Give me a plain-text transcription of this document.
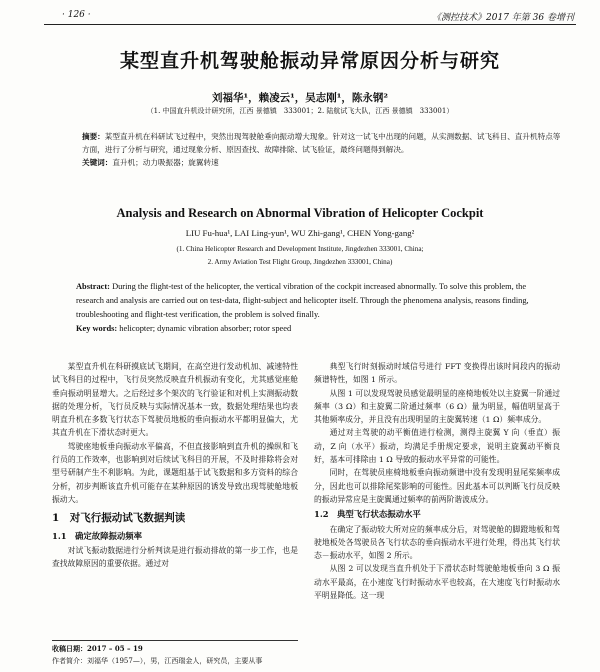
· 126 ·	《测控技术》2017 年第 36 卷增刊
某型直升机驾驶舱振动异常原因分析与研究
刘福华¹，赖凌云¹，吴志刚¹，陈永钢²
（1. 中国直升机设计研究所，江西 景德镇　333001；2. 陆航试飞大队，江西 景德镇　333001）
摘要：某型直升机在科研试飞过程中，突然出现驾驶舱垂向振动增大现象。针对这一试飞中出现的问题，从实测数据、试飞科目、直升机特点等方面，进行了分析与研究，通过现象分析、原因查找、故障排除、试飞验证，最终问题得到解决。
关键词：直升机；动力吸振器；旋翼转速
Analysis and Research on Abnormal Vibration of Helicopter Cockpit
LIU Fu-hua¹, LAI Ling-yun¹, WU Zhi-gang¹, CHEN Yong-gang²
(1. China Helicopter Research and Development Institute, Jingdezhen 333001, China;
2. Army Aviation Test Flight Group, Jingdezhen 333001, China)
Abstract: During the flight-test of the helicopter, the vertical vibration of the cockpit increased abnormally. To solve this problem, the research and analysis are carried out on test-data, flight-subject and helicopter itself. Through the phenomena analysis, reasons finding, troubleshooting and flight-test verification, the problem is solved finally.
Key words: helicopter; dynamic vibration absorber; rotor speed

某型直升机在科研摸底试飞期间，在高空进行发动机加、减速特性试飞科目的过程中，飞行员突然反映直升机振动有变化，尤其感觉座舱垂向振动明显增大。之后经过多个架次的飞行验证和对机上实测振动数据的处理分析，飞行员反映与实际情况基本一致，数据处理结果也均表明直升机在多数飞行状态下驾驶员地板的垂向振动水平都明显偏大，尤其直升机在下滑状态时更大。

驾驶座地板垂向振动水平偏高，不但直接影响到直升机的操纵和飞行员的工作效率，也影响到对后续试飞科目的开展，不及时排除将会对型号研制产生不利影响。为此，课题组基于试飞数据和多方资料的综合分析，初步判断该直升机可能存在某种原因的诱发导致出现驾驶舱地板振动大。

1　对飞行振动试飞数据判读
1.1　确定故障振动频率

对试飞振动数据进行分析判读是进行振动排故的第一步工作，也是查找故障原因的重要依据。通过对

收稿日期：2017 – 05 – 19
作者简介：刘福华（1957—），男，江西瑞金人，研究员，主要从事

典型飞行时刻振动时域信号进行 FFT 变换得出该时间段内的振动频谱特性，如图 1 所示。

从图 1 可以发现驾驶员感觉最明显的座椅地板处以主旋翼一阶通过频率（3 Ω）和主旋翼二阶通过频率（6 Ω）量为明显，幅值明显高于其他频率成分，并且没有出现明显的主旋翼转速（1 Ω）频率成分。

通过对主驾驶的动平衡值进行检测，测得主旋翼 Y 向（垂直）振动，Z 向（水平）振动，均满足手册规定要求，说明主旋翼动平衡良好，基本可排除由 1 Ω 导致的振动水平异常的可能性。

同时，在驾驶员座椅地板垂向振动频谱中没有发现明显尾桨频率成分，因此也可以排除尾桨影响的可能性。因此基本可以判断飞行员反映的振动异常应是主旋翼通过频率的前两阶谐波成分。

1.2　典型飞行状态振动水平

在确定了振动较大所对应的频率成分后，对驾驶舱的脚蹬地板和驾驶地板处各驾驶员各飞行状态的垂向振动水平进行处理，得出其飞行状态－振动水平，如图 2 所示。

从图 2 可以发现当直升机处于下滑状态时驾驶舱地板垂向 3 Ω 振动水平最高，在小速度飞行时振动水平也较高，在大速度飞行时振动水平明显降低。这一现
